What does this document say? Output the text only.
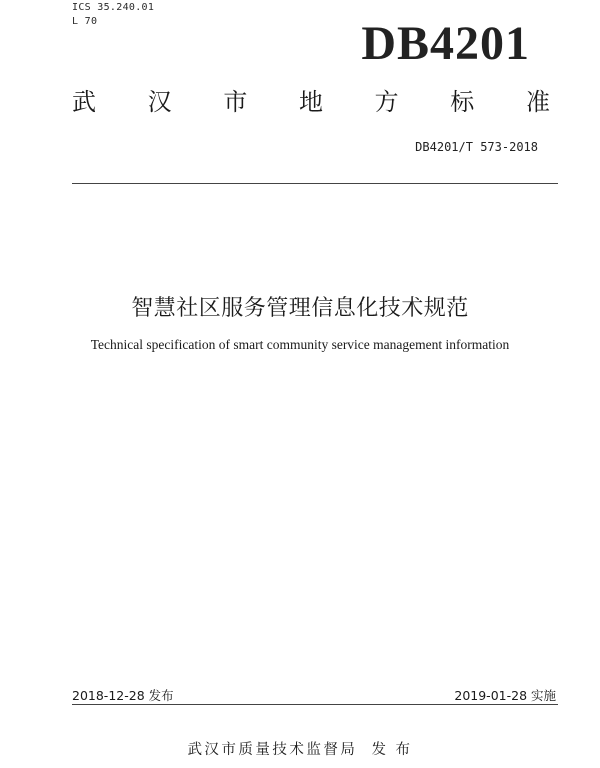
ICS 35.240.01
L 70	DB4201
武 汉 市 地 方 标 准
DB4201/T 573-2018
智慧社区服务管理信息化技术规范
Technical specification of smart community service management information
2018-12-28 发布	2019-01-28 实施
武汉市质量技术监督局 发 布
